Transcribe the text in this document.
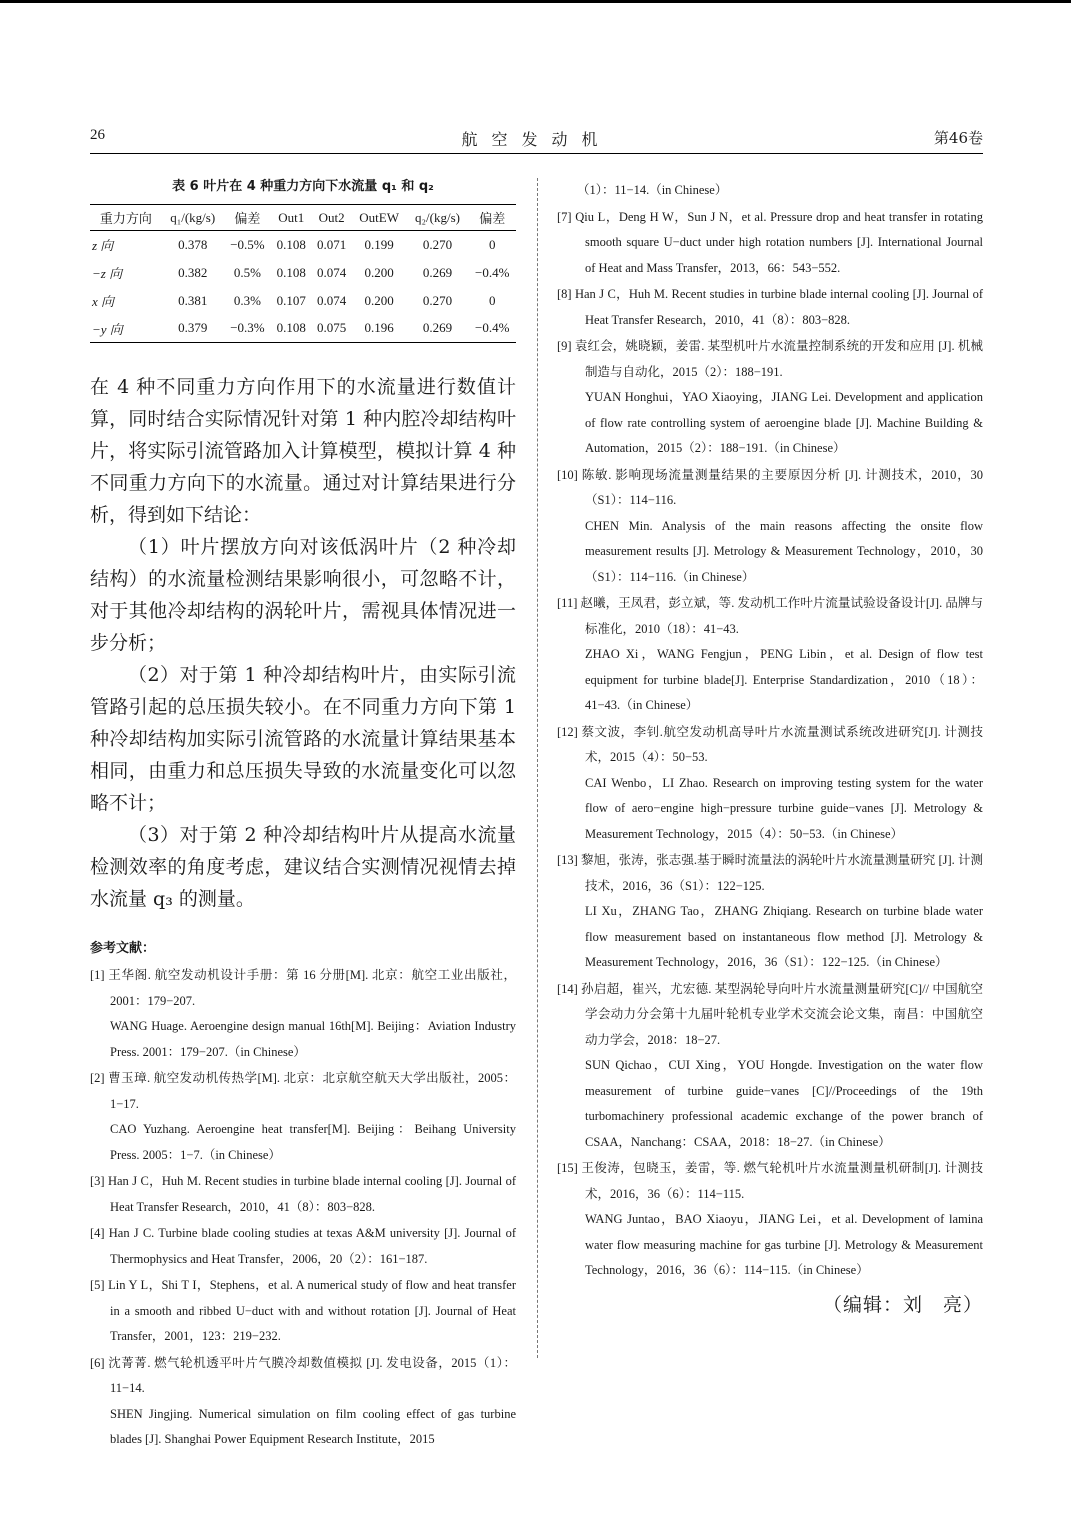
26	航空发动机	第46卷
表 6 叶片在 4 种重力方向下水流量 q₁ 和 q₂
重力方向	q₁/(kg/s)	偏差	Out1	Out2	OutEW	q₂/(kg/s)	偏差
z 向	0.378	−0.5%	0.108	0.071	0.199	0.270	0
−z 向	0.382	0.5%	0.108	0.074	0.200	0.269	−0.4%
x 向	0.381	0.3%	0.107	0.074	0.200	0.270	0
−y 向	0.379	−0.3%	0.108	0.075	0.196	0.269	−0.4%

在 4 种不同重力方向作用下的水流量进行数值计算，同时结合实际情况针对第 1 种内腔冷却结构叶片，将实际引流管路加入计算模型，模拟计算 4 种不同重力方向下的水流量。通过对计算结果进行分析，得到如下结论：

（1）叶片摆放方向对该低涡叶片（2 种冷却结构）的水流量检测结果影响很小，可忽略不计，对于其他冷却结构的涡轮叶片，需视具体情况进一步分析；

（2）对于第 1 种冷却结构叶片，由实际引流管路引起的总压损失较小。在不同重力方向下第 1 种冷却结构加实际引流管路的水流量计算结果基本相同，由重力和总压损失导致的水流量变化可以忽略不计；

（3）对于第 2 种冷却结构叶片从提高水流量检测效率的角度考虑，建议结合实测情况视情去掉水流量 q₃ 的测量。

参考文献：
[1] 王华阁. 航空发动机设计手册：第 16 分册[M]. 北京：航空工业出版社，2001：179−207.
WANG Huage. Aeroengine design manual 16th[M]. Beijing：Aviation Industry Press. 2001：179−207.（in Chinese）
[2] 曹玉璋. 航空发动机传热学[M]. 北京：北京航空航天大学出版社，2005：1−17.
CAO Yuzhang. Aeroengine heat transfer[M]. Beijing：Beihang University Press. 2005：1−7.（in Chinese）
[3] Han J C，Huh M. Recent studies in turbine blade internal cooling [J]. Journal of Heat Transfer Research，2010，41（8）：803−828.
[4] Han J C. Turbine blade cooling studies at texas A&M university [J]. Journal of Thermophysics and Heat Transfer，2006，20（2）：161−187.
[5] Lin Y L，Shi T I，Stephens，et al. A numerical study of flow and heat transfer in a smooth and ribbed U−duct with and without rotation [J]. Journal of Heat Transfer，2001，123：219−232.
[6] 沈菁菁. 燃气轮机透平叶片气膜冷却数值模拟 [J]. 发电设备，2015（1）：11−14.
SHEN Jingjing. Numerical simulation on film cooling effect of gas turbine blades [J]. Shanghai Power Equipment Research Institute，2015
（1）：11−14.（in Chinese）
[7] Qiu L，Deng H W，Sun J N，et al. Pressure drop and heat transfer in rotating smooth square U−duct under high rotation numbers [J]. International Journal of Heat and Mass Transfer，2013，66：543−552.
[8] Han J C，Huh M. Recent studies in turbine blade internal cooling [J]. Journal of Heat Transfer Research，2010，41（8）：803−828.
[9] 袁红会，姚晓颖，姜雷. 某型机叶片水流量控制系统的开发和应用 [J]. 机械制造与自动化，2015（2）：188−191.
YUAN Honghui，YAO Xiaoying，JIANG Lei. Development and application of flow rate controlling system of aeroengine blade [J]. Machine Building & Automation，2015（2）：188−191.（in Chinese）
[10] 陈敏. 影响现场流量测量结果的主要原因分析 [J]. 计测技术，2010，30（S1）：114−116.
CHEN Min. Analysis of the main reasons affecting the onsite flow measurement results [J]. Metrology & Measurement Technology，2010，30（S1）：114−116.（in Chinese）
[11] 赵曦，王凤君，彭立斌，等. 发动机工作叶片流量试验设备设计[J]. 品牌与标准化，2010（18）：41−43.
ZHAO Xi，WANG Fengjun，PENG Libin，et al. Design of flow test equipment for turbine blade[J]. Enterprise Standardization，2010（18）：41−43.（in Chinese）
[12] 蔡文波，李钊.航空发动机高导叶片水流量测试系统改进研究[J]. 计测技术，2015（4）：50−53.
CAI Wenbo，LI Zhao. Research on improving testing system for the water flow of aero−engine high−pressure turbine guide−vanes [J]. Metrology & Measurement Technology，2015（4）：50−53.（in Chinese）
[13] 黎旭，张涛，张志强.基于瞬时流量法的涡轮叶片水流量测量研究 [J]. 计测技术，2016，36（S1）：122−125.
LI Xu，ZHANG Tao，ZHANG Zhiqiang. Research on turbine blade water flow measurement based on instantaneous flow method [J]. Metrology & Measurement Technology，2016，36（S1）：122−125.（in Chinese）
[14] 孙启超，崔兴，尤宏德. 某型涡轮导向叶片水流量测量研究[C]// 中国航空学会动力分会第十九届叶轮机专业学术交流会论文集，南昌：中国航空动力学会，2018：18−27.
SUN Qichao，CUI Xing，YOU Hongde. Investigation on the water flow measurement of turbine guide−vanes [C]//Proceedings of the 19th turbomachinery professional academic exchange of the power branch of CSAA，Nanchang：CSAA，2018：18−27.（in Chinese）
[15] 王俊涛，包晓玉，姜雷，等. 燃气轮机叶片水流量测量机研制[J]. 计测技术，2016，36（6）：114−115.
WANG Juntao，BAO Xiaoyu，JIANG Lei，et al. Development of lamina water flow measuring machine for gas turbine [J]. Metrology & Measurement Technology，2016，36（6）：114−115.（in Chinese）
（编辑：刘　亮）
